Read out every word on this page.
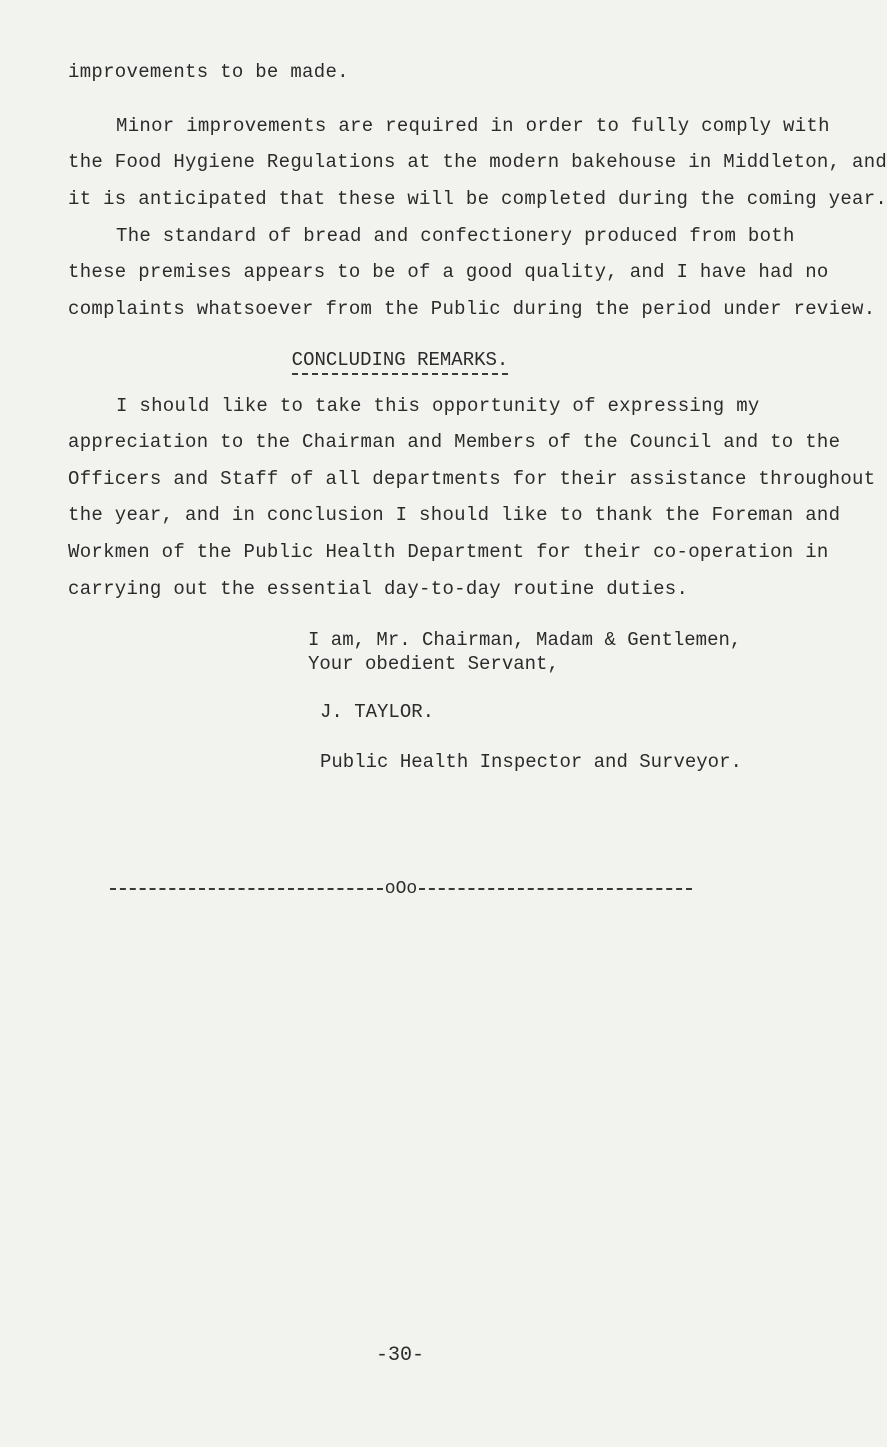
improvements to be made.
Minor improvements are required in order to fully comply with
the Food Hygiene Regulations at the modern bakehouse in Middleton, and
it is anticipated that these will be completed during the coming year.
The standard of bread and confectionery produced from both
these premises appears to be of a good quality, and I have had no
complaints whatsoever from the Public during the period under review.
CONCLUDING REMARKS.
I should like to take this opportunity of expressing my
appreciation to the Chairman and Members of the Council and to the
Officers and Staff of all departments for their assistance throughout
the year, and in conclusion I should like to thank the Foreman and
Workmen of the Public Health Department for their co-operation in
carrying out the essential day-to-day routine duties.
I am, Mr. Chairman, Madam & Gentlemen,
Your obedient Servant,
J. TAYLOR.
Public Health Inspector and Surveyor.
oOo
-30-
